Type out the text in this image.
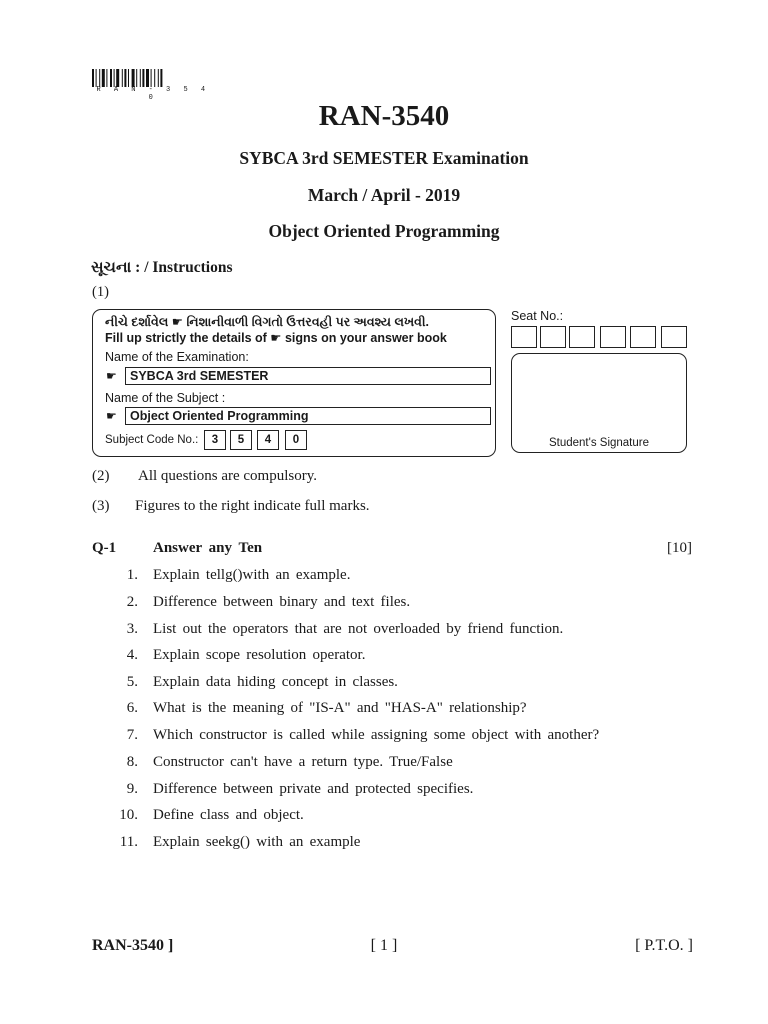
R A N - 3 5 4 0
RAN-3540
SYBCA 3rd SEMESTER Examination
March / April - 2019
Object Oriented Programming
સૂચના : / Instructions
(1)
નીચે દર્શાવેલ ☛ નિશાનીવાળી વિગતો ઉત્તરવહી પર અવશ્ય લખવી.
Fill up strictly the details of ☛ signs on your answer book
Name of the Examination:
☛	SYBCA 3rd SEMESTER
Name of the Subject :
☛	Object Oriented Programming
Subject Code No.:	3	5	4	0
Seat No.:
Student's Signature
(2) All questions are compulsory.
(3) Figures to the right indicate full marks.
Q-1 Answer any Ten	[10]
1. Explain tellg()with an example.
2. Difference between binary and text files.
3. List out the operators that are not overloaded by friend function.
4. Explain scope resolution operator.
5. Explain data hiding concept in classes.
6. What is the meaning of "IS-A" and "HAS-A" relationship?
7. Which constructor is called while assigning some object with another?
8. Constructor can't have a return type. True/False
9. Difference between private and protected specifies.
10. Define class and object.
11. Explain seekg() with an example
RAN-3540 ]	[ 1 ]	[ P.T.O. ]
